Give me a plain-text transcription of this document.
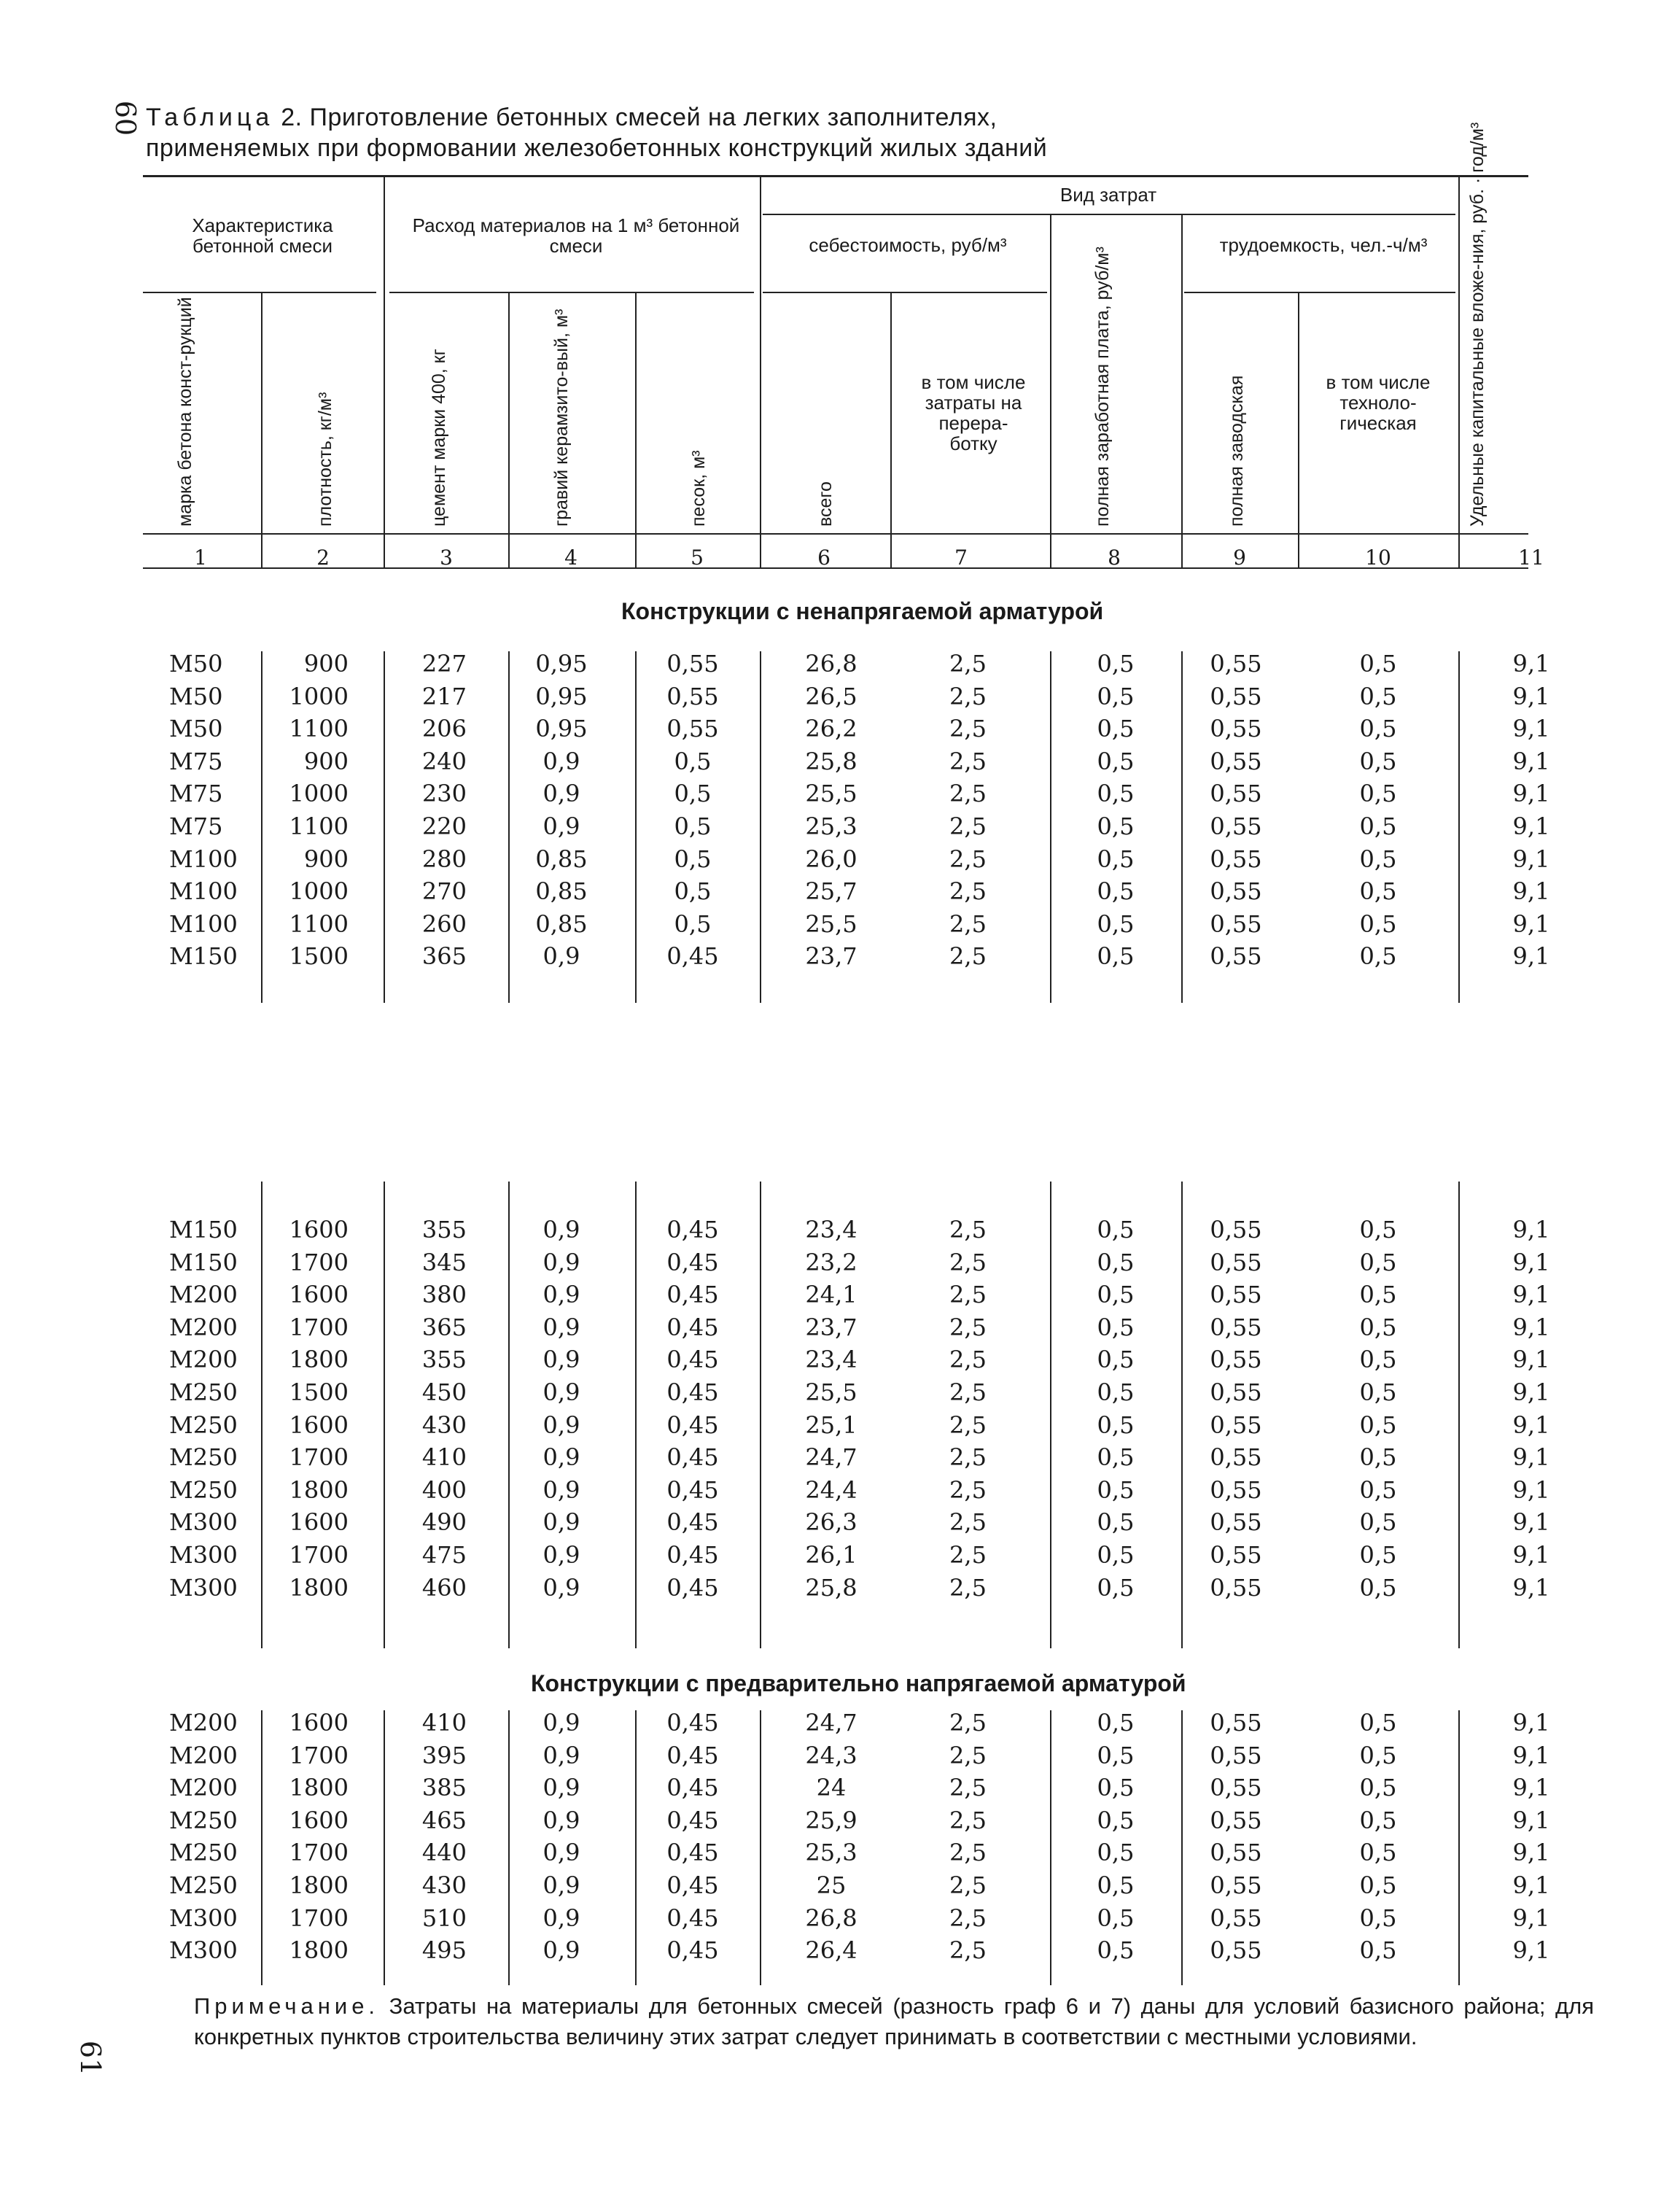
60
61
Таблица 2. Приготовление бетонных смесей на легких заполнителях,
применяемых при формовании железобетонных конструкций жилых зданий
Характеристика бетонной смеси
Расход материалов на 1 м³ бетонной смеси
Вид затрат
себестоимость, руб/м³	трудоемкость, чел.-ч/м³
марка бетона конст-рукций	плотность, кг/м³	цемент марки 400, кг	гравий керамзито-вый, м³	песок, м³	всего
в том числе затраты на перера-ботку	полная заработная плата, руб/м³	полная заводская	в том числе техноло-гическая	Удельные капитальные вложе-ния, руб. · год/м³
1	2	3	4	5	6	7	8	9	10	11
Конструкции с ненапрягаемой арматурой
Конструкции с предварительно напрягаемой арматурой
М50	900	227	0,95	0,55	26,8	2,5	0,5	0,55	0,5	9,1
М50	1000	217	0,95	0,55	26,5	2,5	0,5	0,55	0,5	9,1
М50	1100	206	0,95	0,55	26,2	2,5	0,5	0,55	0,5	9,1
М75	900	240	0,9	0,5	25,8	2,5	0,5	0,55	0,5	9,1
М75	1000	230	0,9	0,5	25,5	2,5	0,5	0,55	0,5	9,1
М75	1100	220	0,9	0,5	25,3	2,5	0,5	0,55	0,5	9,1
М100	900	280	0,85	0,5	26,0	2,5	0,5	0,55	0,5	9,1
М100	1000	270	0,85	0,5	25,7	2,5	0,5	0,55	0,5	9,1
М100	1100	260	0,85	0,5	25,5	2,5	0,5	0,55	0,5	9,1
М150	1500	365	0,9	0,45	23,7	2,5	0,5	0,55	0,5	9,1
М150	1600	355	0,9	0,45	23,4	2,5	0,5	0,55	0,5	9,1
М150	1700	345	0,9	0,45	23,2	2,5	0,5	0,55	0,5	9,1
М200	1600	380	0,9	0,45	24,1	2,5	0,5	0,55	0,5	9,1
М200	1700	365	0,9	0,45	23,7	2,5	0,5	0,55	0,5	9,1
М200	1800	355	0,9	0,45	23,4	2,5	0,5	0,55	0,5	9,1
М250	1500	450	0,9	0,45	25,5	2,5	0,5	0,55	0,5	9,1
М250	1600	430	0,9	0,45	25,1	2,5	0,5	0,55	0,5	9,1
М250	1700	410	0,9	0,45	24,7	2,5	0,5	0,55	0,5	9,1
М250	1800	400	0,9	0,45	24,4	2,5	0,5	0,55	0,5	9,1
М300	1600	490	0,9	0,45	26,3	2,5	0,5	0,55	0,5	9,1
М300	1700	475	0,9	0,45	26,1	2,5	0,5	0,55	0,5	9,1
М300	1800	460	0,9	0,45	25,8	2,5	0,5	0,55	0,5	9,1
М200	1600	410	0,9	0,45	24,7	2,5	0,5	0,55	0,5	9,1
М200	1700	395	0,9	0,45	24,3	2,5	0,5	0,55	0,5	9,1
М200	1800	385	0,9	0,45	24	2,5	0,5	0,55	0,5	9,1
М250	1600	465	0,9	0,45	25,9	2,5	0,5	0,55	0,5	9,1
М250	1700	440	0,9	0,45	25,3	2,5	0,5	0,55	0,5	9,1
М250	1800	430	0,9	0,45	25	2,5	0,5	0,55	0,5	9,1
М300	1700	510	0,9	0,45	26,8	2,5	0,5	0,55	0,5	9,1
М300	1800	495	0,9	0,45	26,4	2,5	0,5	0,55	0,5	9,1
Примечание. Затраты на материалы для бетонных смесей (разность граф 6 и 7) даны для условий базисного района; для конкретных пунктов строительства величину этих затрат следует принимать в соответствии с местными условиями.
